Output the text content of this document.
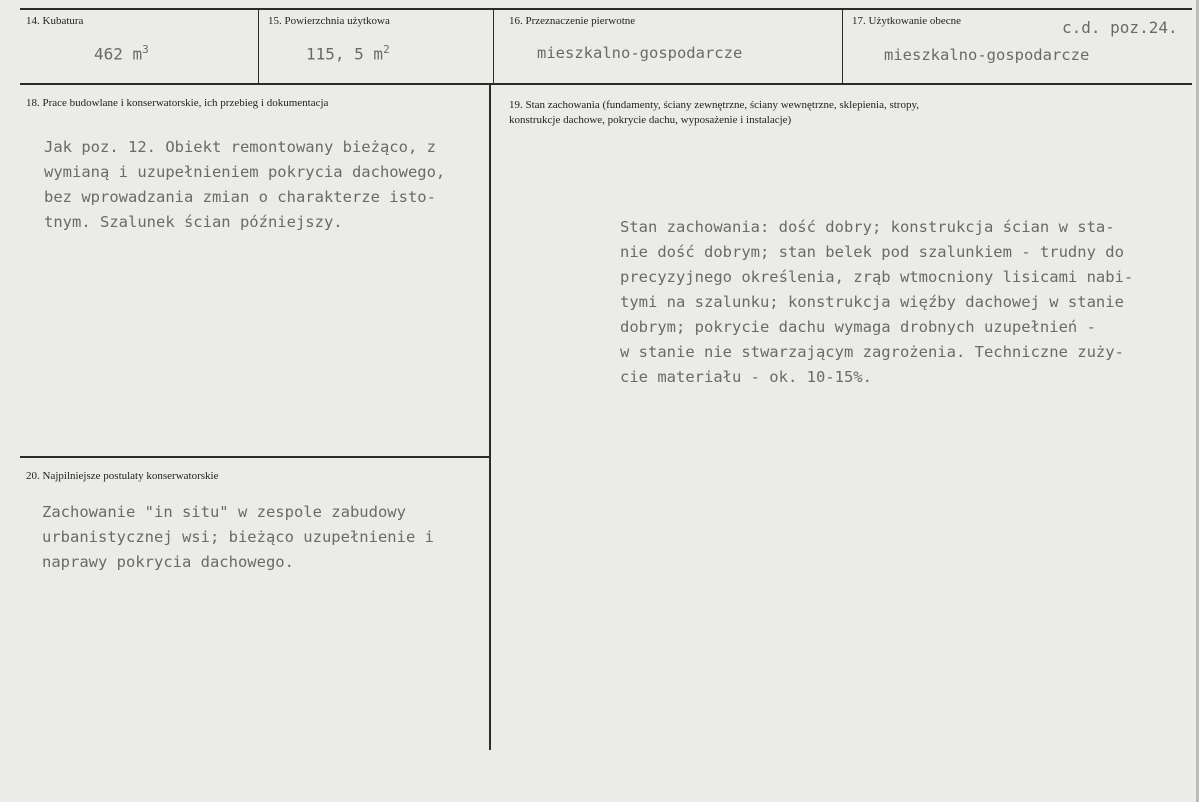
14. Kubatura
462 $m^3$
15. Powierzchnia użytkowa
115, 5 $m^2$
16. Przeznaczenie pierwotne
mieszkalno-gospodarcze
17. Użytkowanie obecne	c.d. poz.24.
mieszkalno-gospodarcze
18. Prace budowlane i konserwatorskie, ich przebieg i dokumentacja
Jak poz. 12. Obiekt remontowany bieżąco, z
wymianą i uzupełnieniem pokrycia dachowego,
bez wprowadzania zmian o charakterze isto-
tnym. Szalunek ścian późniejszy.
19. Stan zachowania (fundamenty, ściany zewnętrzne, ściany wewnętrzne, sklepienia, stropy,
konstrukcje dachowe, pokrycie dachu, wyposażenie i instalacje)
Stan zachowania: dość dobry; konstrukcja ścian w sta-
nie dość dobrym; stan belek pod szalunkiem - trudny do
precyzyjnego określenia, zrąb wtmocniony lisicami nabi-
tymi na szalunku; konstrukcja więźby dachowej w stanie
dobrym; pokrycie dachu wymaga drobnych uzupełnień -
w stanie nie stwarzającym zagrożenia. Techniczne zuży-
cie materiału - ok. 10-15%.
20. Najpilniejsze postulaty konserwatorskie
Zachowanie "in situ" w zespole zabudowy
urbanistycznej wsi; bieżąco uzupełnienie i
naprawy pokrycia dachowego.
